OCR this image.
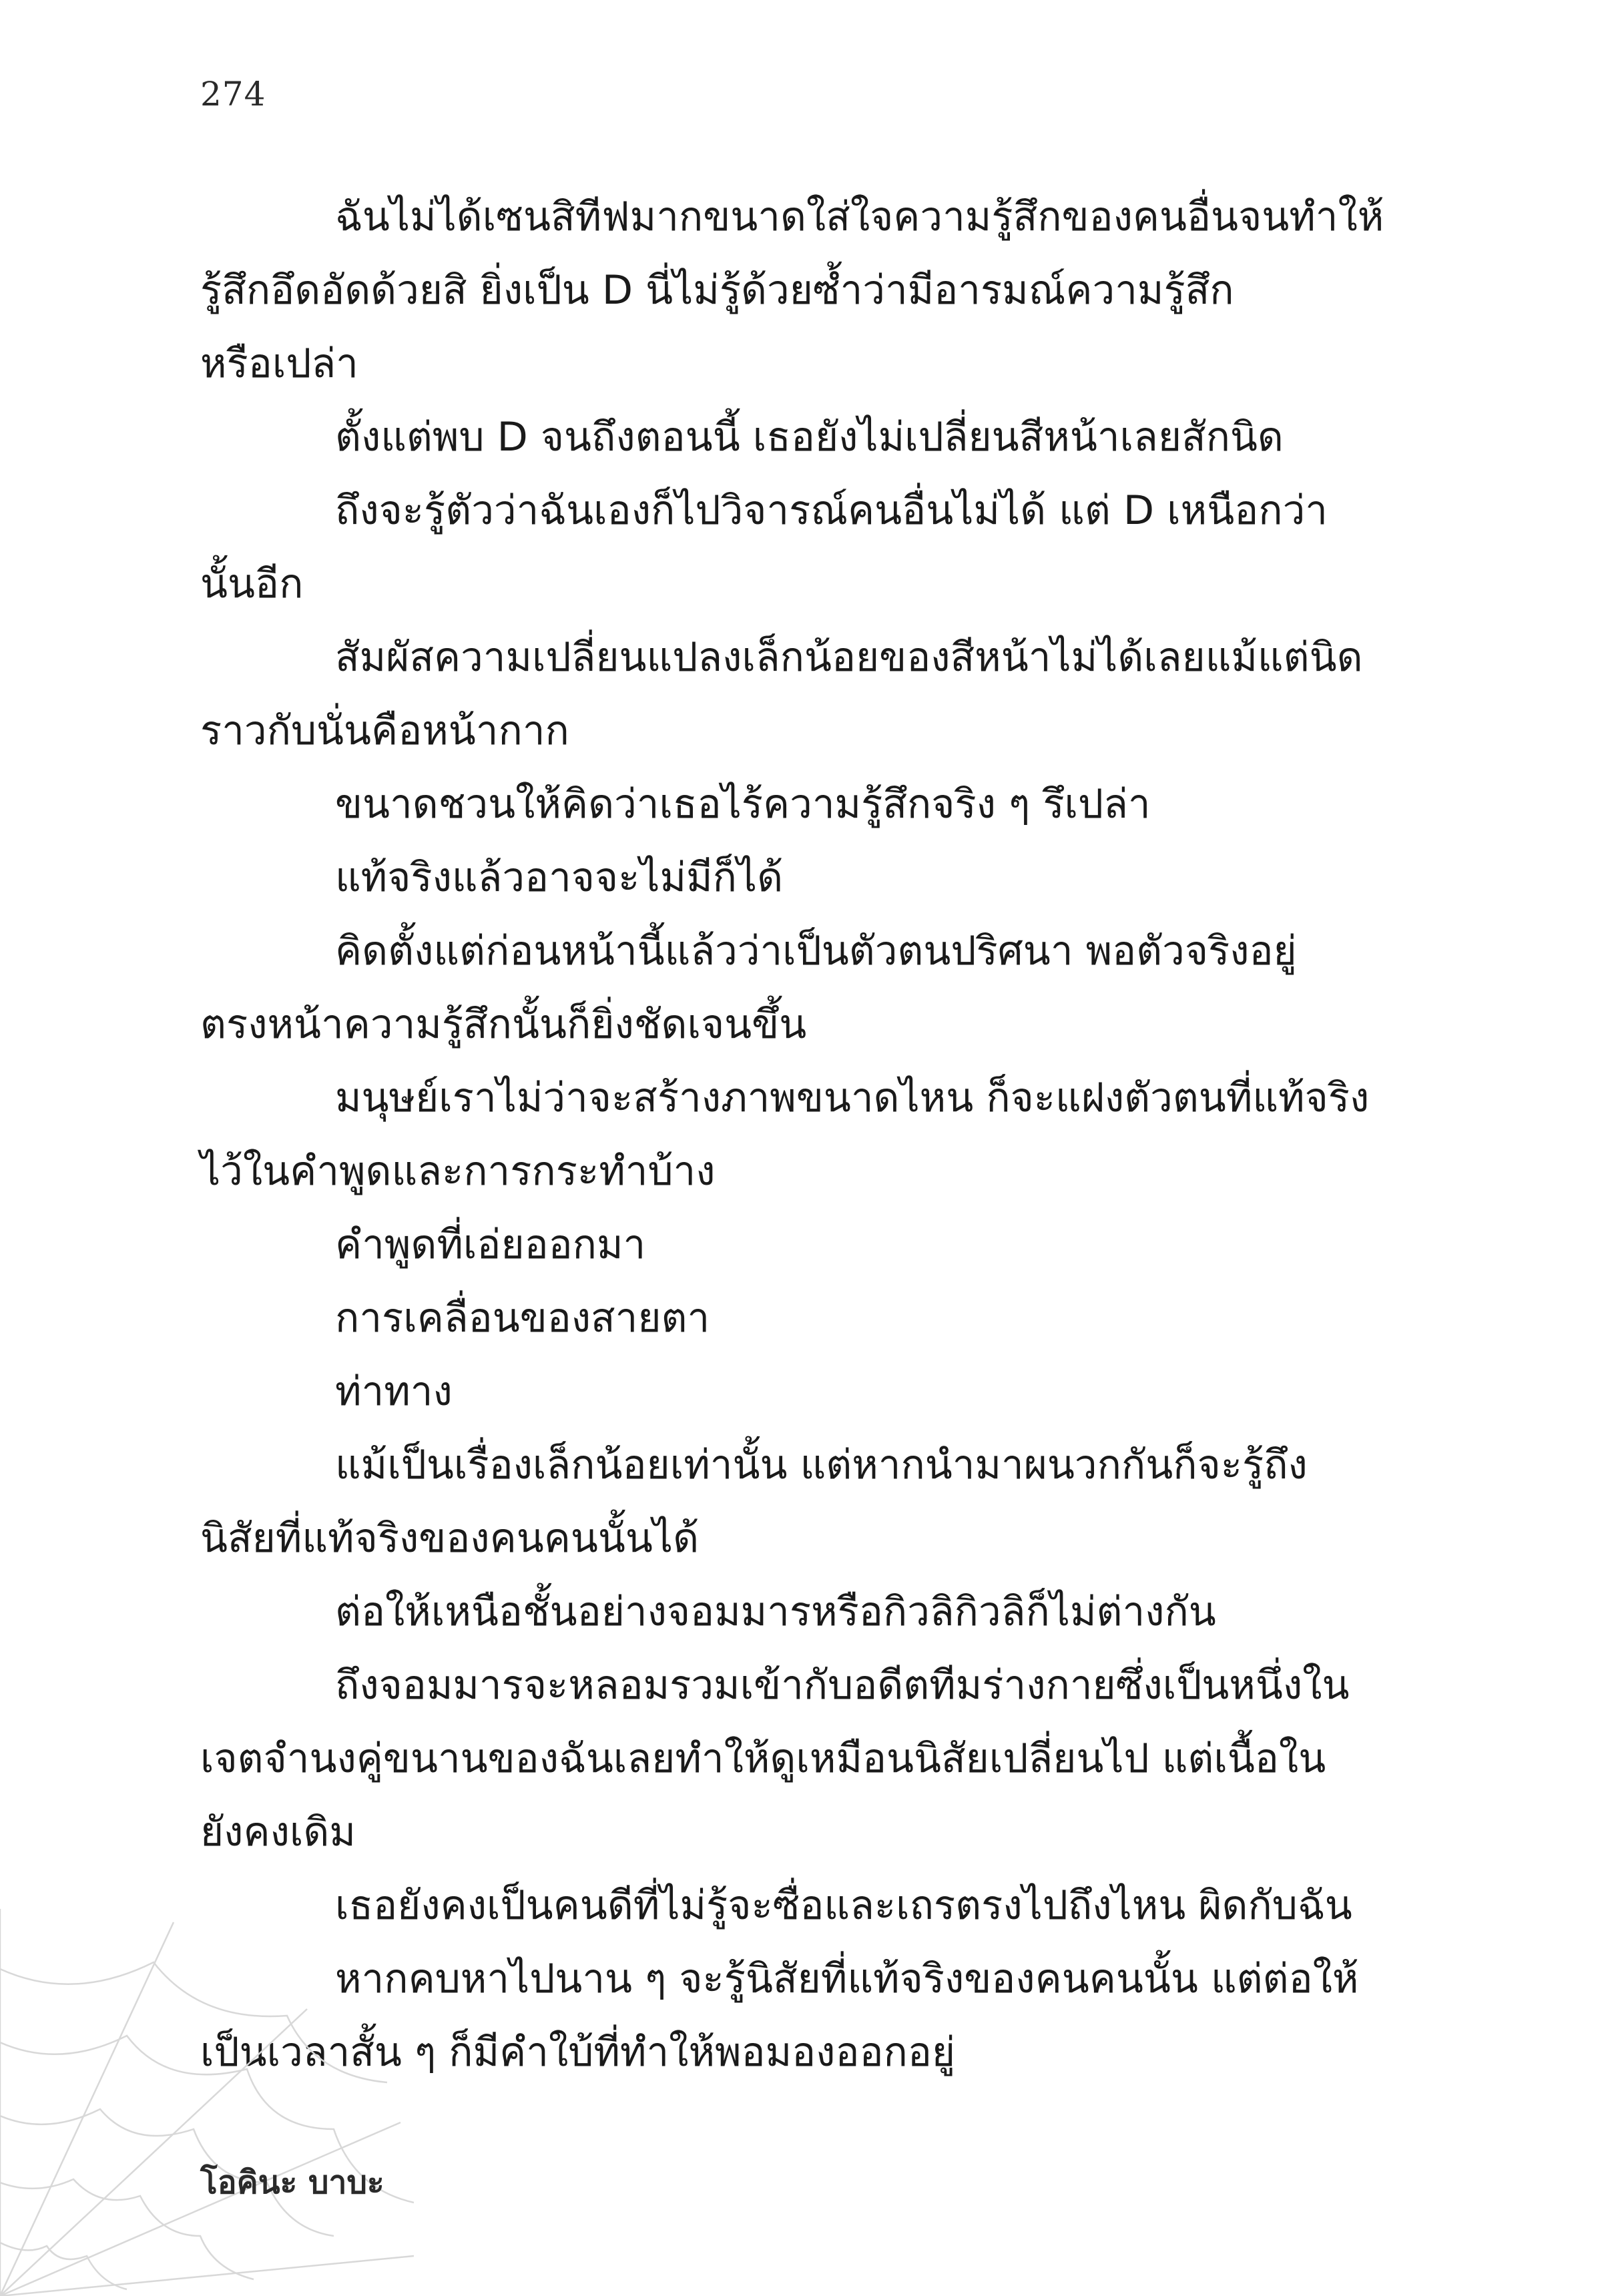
274
ฉันไม่ได้เซนสิทีฟมากขนาดใส่ใจความรู้สึกของคนอื่นจนทำให้
รู้สึกอึดอัดด้วยสิ ยิ่งเป็น D นี่ไม่รู้ด้วยซ้ำว่ามีอารมณ์ความรู้สึก
หรือเปล่า
ตั้งแต่พบ D จนถึงตอนนี้ เธอยังไม่เปลี่ยนสีหน้าเลยสักนิด
ถึงจะรู้ตัวว่าฉันเองก็ไปวิจารณ์คนอื่นไม่ได้ แต่ D เหนือกว่า
นั้นอีก
สัมผัสความเปลี่ยนแปลงเล็กน้อยของสีหน้าไม่ได้เลยแม้แต่นิด
ราวกับนั่นคือหน้ากาก
ขนาดชวนให้คิดว่าเธอไร้ความรู้สึกจริง ๆ รึเปล่า
แท้จริงแล้วอาจจะไม่มีก็ได้
คิดตั้งแต่ก่อนหน้านี้แล้วว่าเป็นตัวตนปริศนา พอตัวจริงอยู่
ตรงหน้าความรู้สึกนั้นก็ยิ่งชัดเจนขึ้น
มนุษย์เราไม่ว่าจะสร้างภาพขนาดไหน ก็จะแฝงตัวตนที่แท้จริง
ไว้ในคำพูดและการกระทำบ้าง
คำพูดที่เอ่ยออกมา
การเคลื่อนของสายตา
ท่าทาง
แม้เป็นเรื่องเล็กน้อยเท่านั้น แต่หากนำมาผนวกกันก็จะรู้ถึง
นิสัยที่แท้จริงของคนคนนั้นได้
ต่อให้เหนือชั้นอย่างจอมมารหรือกิวลิกิวลิก็ไม่ต่างกัน
ถึงจอมมารจะหลอมรวมเข้ากับอดีตทีมร่างกายซึ่งเป็นหนึ่งใน
เจตจำนงคู่ขนานของฉันเลยทำให้ดูเหมือนนิสัยเปลี่ยนไป แต่เนื้อใน
ยังคงเดิม
เธอยังคงเป็นคนดีที่ไม่รู้จะซื่อและเถรตรงไปถึงไหน ผิดกับฉัน
หากคบหาไปนาน ๆ จะรู้นิสัยที่แท้จริงของคนคนนั้น แต่ต่อให้
เป็นเวลาสั้น ๆ ก็มีคำใบ้ที่ทำให้พอมองออกอยู่
โอคินะ บาบะ
